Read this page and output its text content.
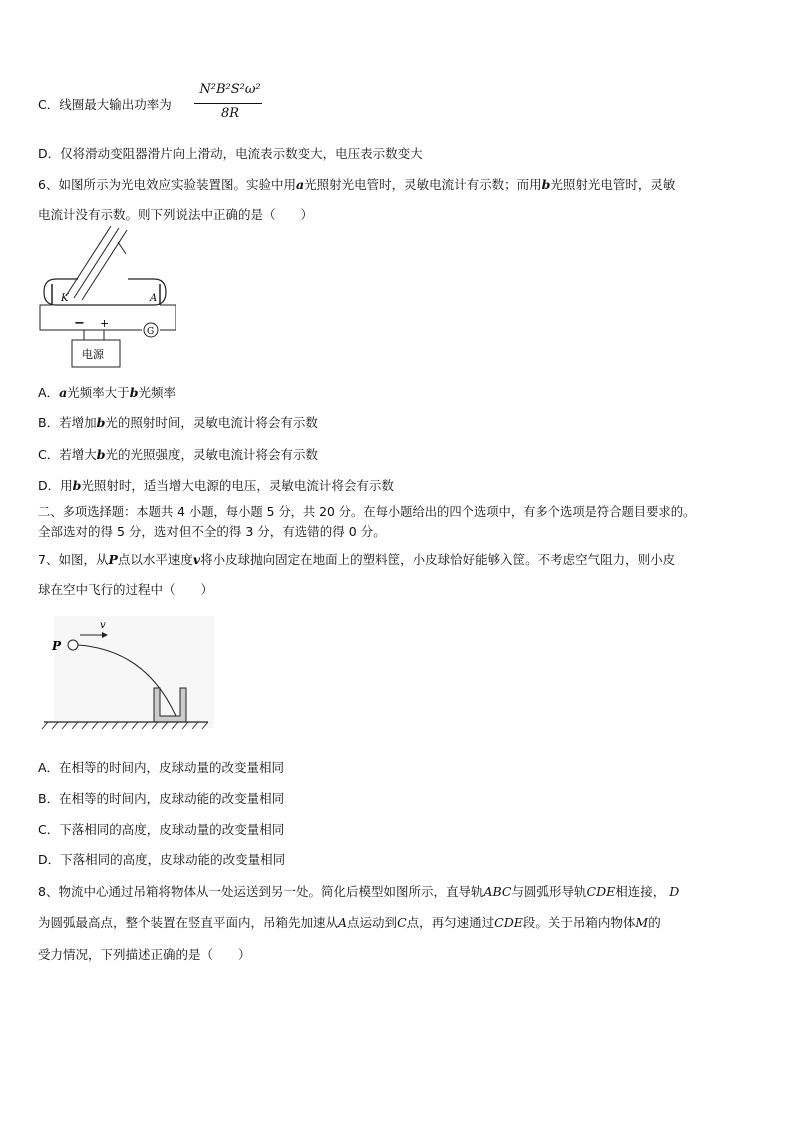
C．线圈最大输出功率为
N²B²S²ω²
8R
D．仅将滑动变阻器滑片向上滑动，电流表示数变大，电压表示数变大
6、如图所示为光电效应实验装置图。实验中用a光照射光电管时，灵敏电流计有示数；而用b光照射光电管时，灵敏
电流计没有示数。则下列说法中正确的是（　　）
K	A
− +
G
电源
A．a光频率大于b光频率
B．若增加b光的照射时间，灵敏电流计将会有示数
C．若增大b光的光照强度，灵敏电流计将会有示数
D．用b光照射时，适当增大电源的电压，灵敏电流计将会有示数
二、多项选择题：本题共 4 小题，每小题 5 分，共 20 分。在每小题给出的四个选项中，有多个选项是符合题目要求的。
全部选对的得 5 分，选对但不全的得 3 分，有选错的得 0 分。
7、如图，从P点以水平速度v将小皮球抛向固定在地面上的塑料筐，小皮球恰好能够入筐。不考虑空气阻力，则小皮
球在空中飞行的过程中（　　）
v
P
A．在相等的时间内，皮球动量的改变量相同
B．在相等的时间内，皮球动能的改变量相同
C．下落相同的高度，皮球动量的改变量相同
D．下落相同的高度，皮球动能的改变量相同
8、物流中心通过吊箱将物体从一处运送到另一处。简化后模型如图所示，直导轨ABC与圆弧形导轨CDE相连接， D
为圆弧最高点，整个装置在竖直平面内，吊箱先加速从A点运动到C点，再匀速通过CDE段。关于吊箱内物体M的
受力情况，下列描述正确的是（　　）
